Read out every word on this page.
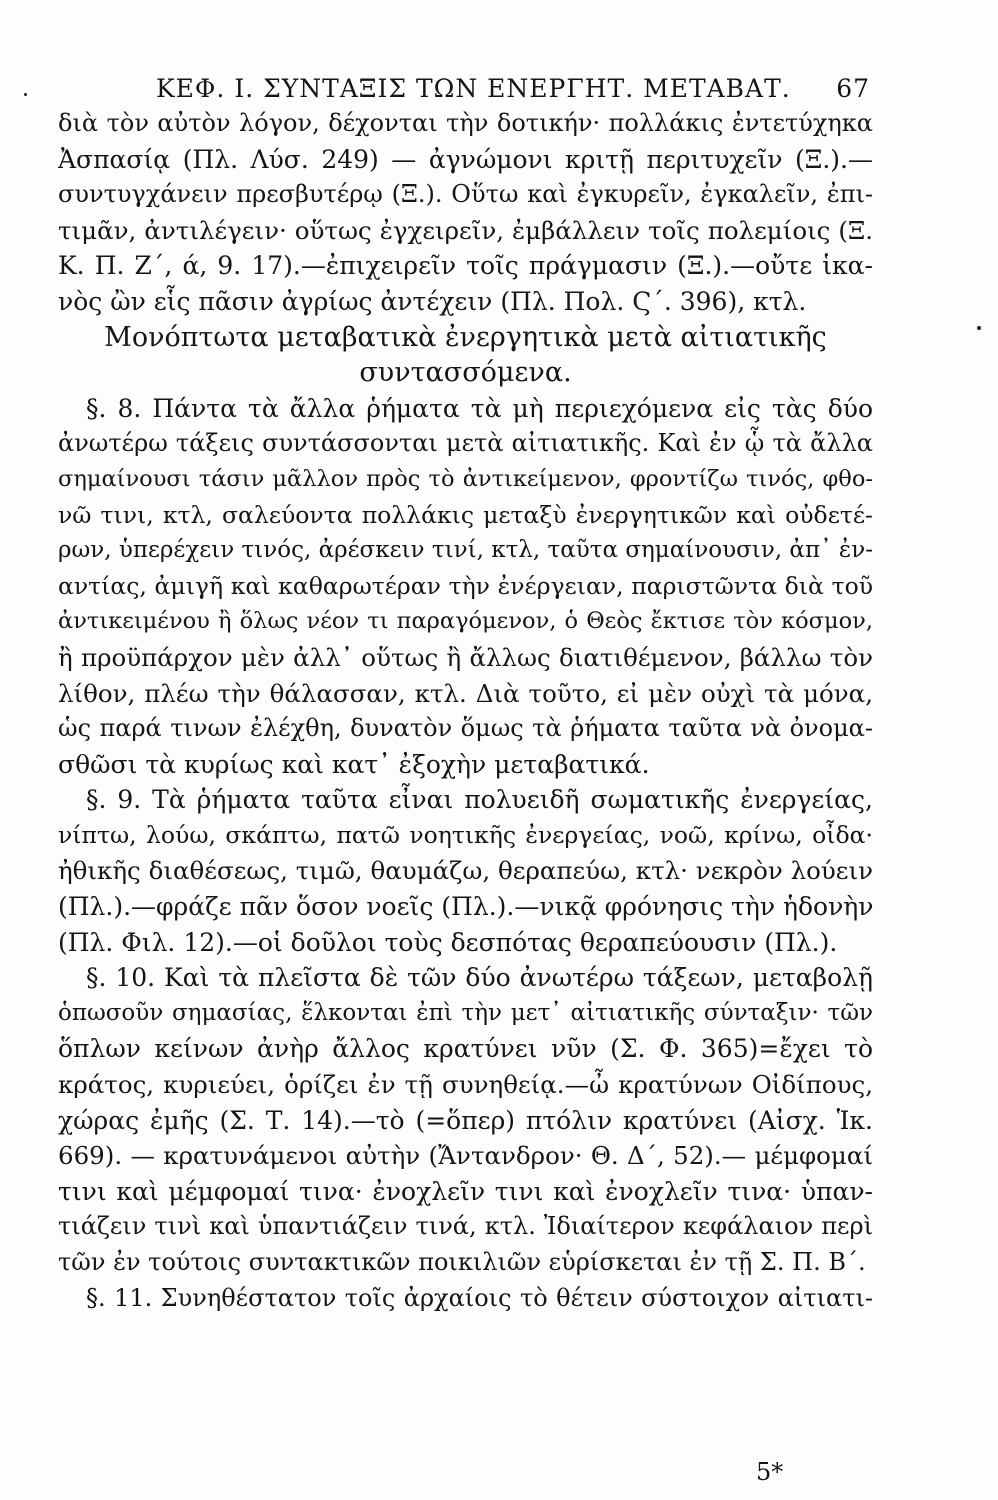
ΚΕΦ. Ι. ΣΥΝΤΑΞΙΣ ΤΩΝ ΕΝΕΡΓΗΤ. ΜΕΤΑΒΑΤ. 67
διὰ τὸν αὐτὸν λόγον, δέχονται τὴν δοτικήν· πολλάκις ἐντετύχηκα
Ἀσπασίᾳ (Πλ. Λύσ. 249) — ἀγνώμονι κριτῇ περιτυχεῖν (Ξ.).—
συντυγχάνειν πρεσβυτέρῳ (Ξ.). Οὕτω καὶ ἐγκυρεῖν, ἐγκαλεῖν, ἐπι-
τιμᾶν, ἀντιλέγειν· οὕτως ἐγχειρεῖν, ἐμβάλλειν τοῖς πολεμίοις (Ξ.
Κ. Π. Ζ΄, ά, 9. 17).—ἐπιχειρεῖν τοῖς πράγμασιν (Ξ.).—οὔτε ἱκα-
νὸς ὢν εἷς πᾶσιν ἀγρίως ἀντέχειν (Πλ. Πολ. Ϛ΄. 396), κτλ.
Μονόπτωτα μεταβατικὰ ἐνεργητικὰ μετὰ αἰτιατικῆς
συντασσόμενα.
§. 8. Πάντα τὰ ἄλλα ῥήματα τὰ μὴ περιεχόμενα εἰς τὰς δύο
ἀνωτέρω τάξεις συντάσσονται μετὰ αἰτιατικῆς. Καὶ ἐν ᾧ τὰ ἄλλα
σημαίνουσι τάσιν μᾶλλον πρὸς τὸ ἀντικείμενον, φροντίζω τινός, φθο-
νῶ τινι, κτλ, σαλεύοντα πολλάκις μεταξὺ ἐνεργητικῶν καὶ οὐδετέ-
ρων, ὑπερέχειν τινός, ἀρέσκειν τινί, κτλ, ταῦτα σημαίνουσιν, ἀπ᾽ ἐν-
αντίας, ἀμιγῆ καὶ καθαρωτέραν τὴν ἐνέργειαν, παριστῶντα διὰ τοῦ
ἀντικειμένου ἢ ὅλως νέον τι παραγόμενον, ὁ Θεὸς ἔκτισε τὸν κόσμον,
ἢ προϋπάρχον μὲν ἀλλ᾽ οὕτως ἢ ἄλλως διατιθέμενον, βάλλω τὸν
λίθον, πλέω τὴν θάλασσαν, κτλ. Διὰ τοῦτο, εἰ μὲν οὐχὶ τὰ μόνα,
ὡς παρά τινων ἐλέχθη, δυνατὸν ὅμως τὰ ῥήματα ταῦτα νὰ ὀνομα-
σθῶσι τὰ κυρίως καὶ κατ᾽ ἐξοχὴν μεταβατικά.
§. 9. Τὰ ῥήματα ταῦτα εἶναι πολυειδῆ σωματικῆς ἐνεργείας,
νίπτω, λούω, σκάπτω, πατῶ νοητικῆς ἐνεργείας, νοῶ, κρίνω, οἶδα·
ἠθικῆς διαθέσεως, τιμῶ, θαυμάζω, θεραπεύω, κτλ· νεκρὸν λούειν
(Πλ.).—φράζε πᾶν ὅσον νοεῖς (Πλ.).—νικᾷ φρόνησις τὴν ἡδονὴν
(Πλ. Φιλ. 12).—οἱ δοῦλοι τοὺς δεσπότας θεραπεύουσιν (Πλ.).
§. 10. Καὶ τὰ πλεῖστα δὲ τῶν δύο ἀνωτέρω τάξεων, μεταβολῇ
ὁπωσοῦν σημασίας, ἕλκονται ἐπὶ τὴν μετ᾽ αἰτιατικῆς σύνταξιν· τῶν
ὅπλων κείνων ἀνὴρ ἄλλος κρατύνει νῦν (Σ. Φ. 365)=ἔχει τὸ
κράτος, κυριεύει, ὁρίζει ἐν τῇ συνηθείᾳ.—ὦ κρατύνων Οἰδίπους,
χώρας ἐμῆς (Σ. Τ. 14).—τὸ (=ὅπερ) πτόλιν κρατύνει (Αἰσχ. Ἱκ.
669). — κρατυνάμενοι αὐτὴν (Ἄντανδρον· Θ. Δ΄, 52).— μέμφομαί
τινι καὶ μέμφομαί τινα· ἐνοχλεῖν τινι καὶ ἐνοχλεῖν τινα· ὑπαν-
τιάζειν τινὶ καὶ ὑπαντιάζειν τινά, κτλ. Ἰδιαίτερον κεφάλαιον περὶ
τῶν ἐν τούτοις συντακτικῶν ποικιλιῶν εὑρίσκεται ἐν τῇ Σ. Π. Β΄.
§. 11. Συνηθέστατον τοῖς ἀρχαίοις τὸ θέτειν σύστοιχον αἰτιατι-
5*
